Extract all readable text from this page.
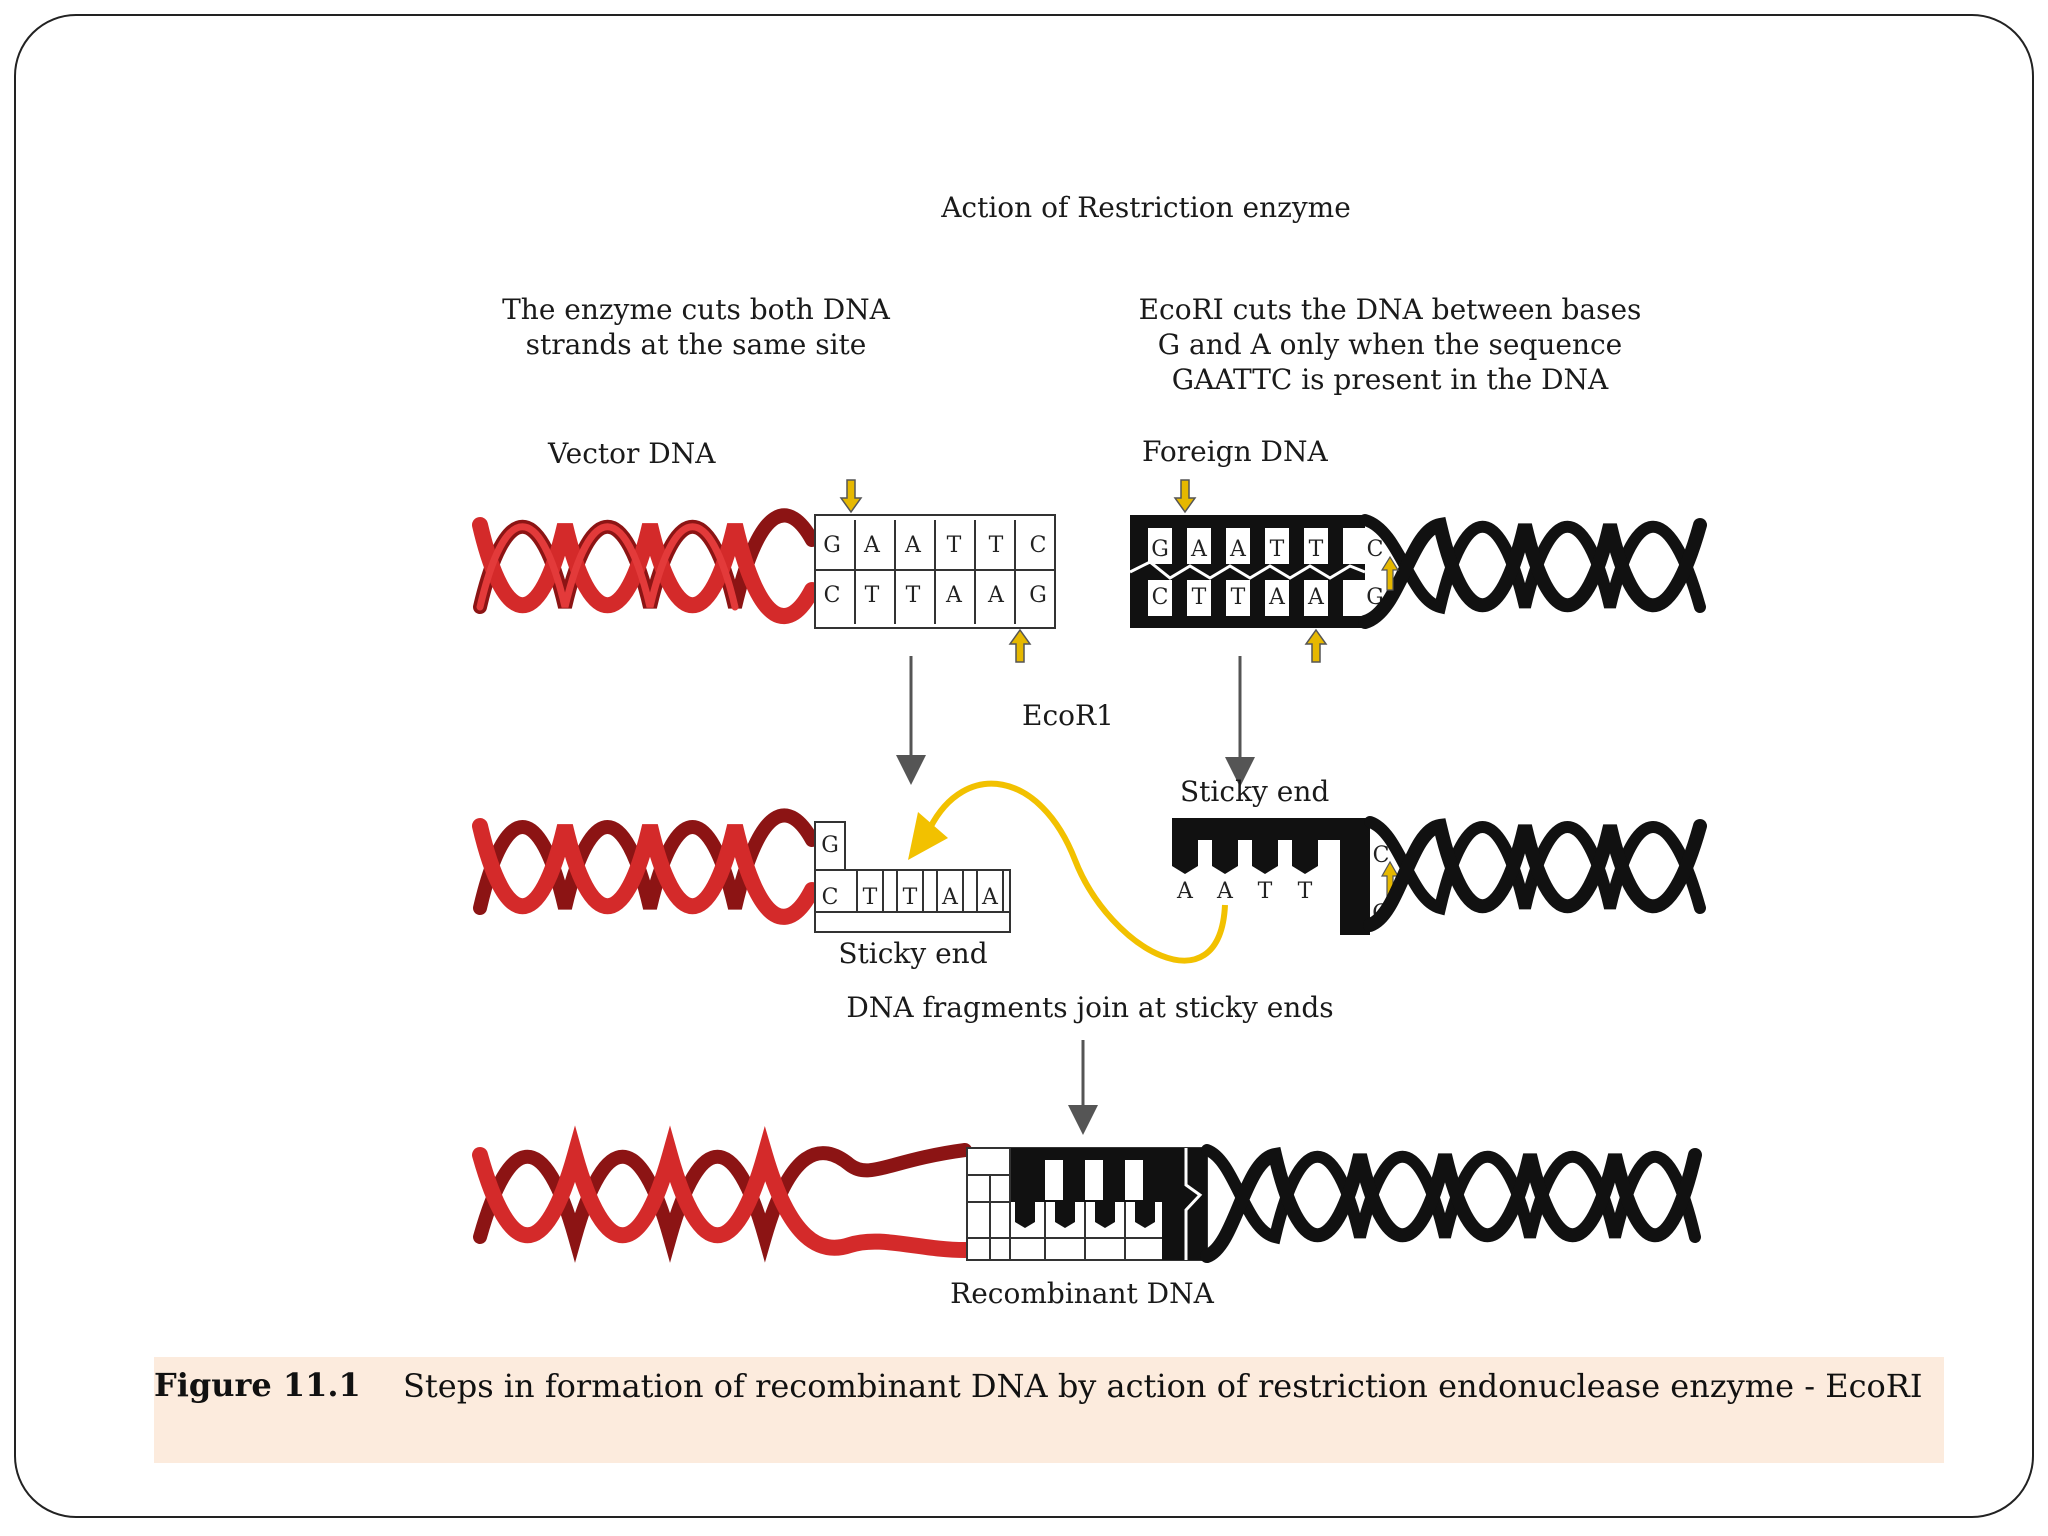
G A A T T C
C T T A A G
G A A T T C
C T T A A G
G
C T T A A	A A T T
C
G
Action of Restriction enzyme
The enzyme cuts both DNA
strands at the same site
EcoRI cuts the DNA between bases
G and A only when the sequence
GAATTC is present in the DNA
Vector DNA	Foreign DNA
EcoR1
Sticky end
Sticky end
DNA fragments join at sticky ends
Recombinant DNA
Figure 11.1 Steps in formation of recombinant DNA by action of restriction endonuclease enzyme - EcoRI
